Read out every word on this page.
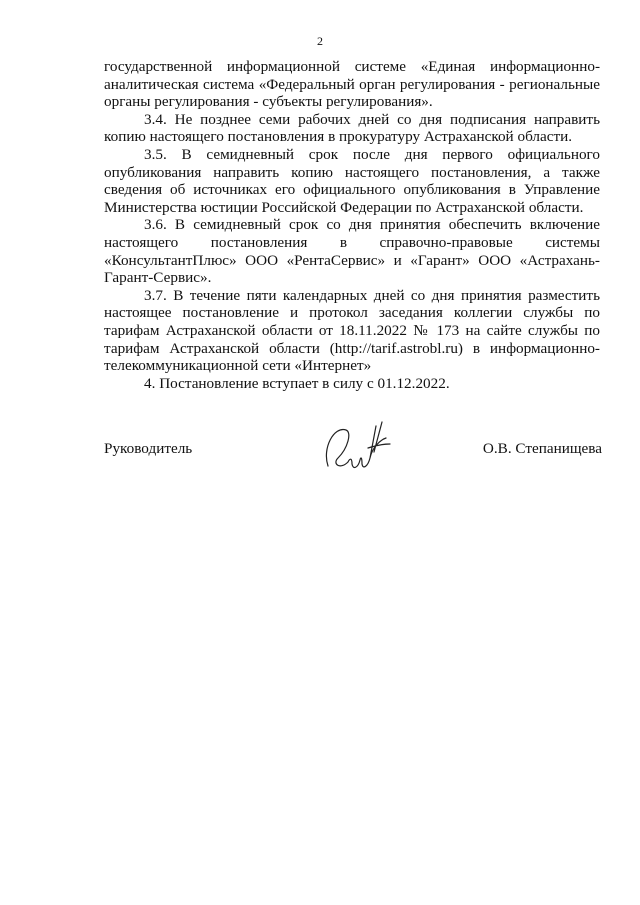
2

государственной информационной системе «Единая информационно-аналитическая система «Федеральный орган регулирования - региональные органы регулирования - субъекты регулирования».

3.4. Не позднее семи рабочих дней со дня подписания направить копию настоящего постановления в прокуратуру Астраханской области.

3.5. В семидневный срок после дня первого официального опубликования направить копию настоящего постановления, а также сведения об источниках его официального опубликования в Управление Министерства юстиции Российской Федерации по Астраханской области.

3.6. В семидневный срок со дня принятия обеспечить включение настоящего постановления в справочно-правовые системы «КонсультантПлюс» ООО «РентаСервис» и «Гарант» ООО «Астрахань-Гарант-Сервис».

3.7. В течение пяти календарных дней со дня принятия разместить настоящее постановление и протокол заседания коллегии службы по тарифам Астраханской области от 18.11.2022 № 173 на сайте службы по тарифам Астраханской области (http://tarif.astrobl.ru) в информационно-телекоммуникационной сети «Интернет»

4. Постановление вступает в силу с 01.12.2022.

Руководитель	О.В. Степанищева
